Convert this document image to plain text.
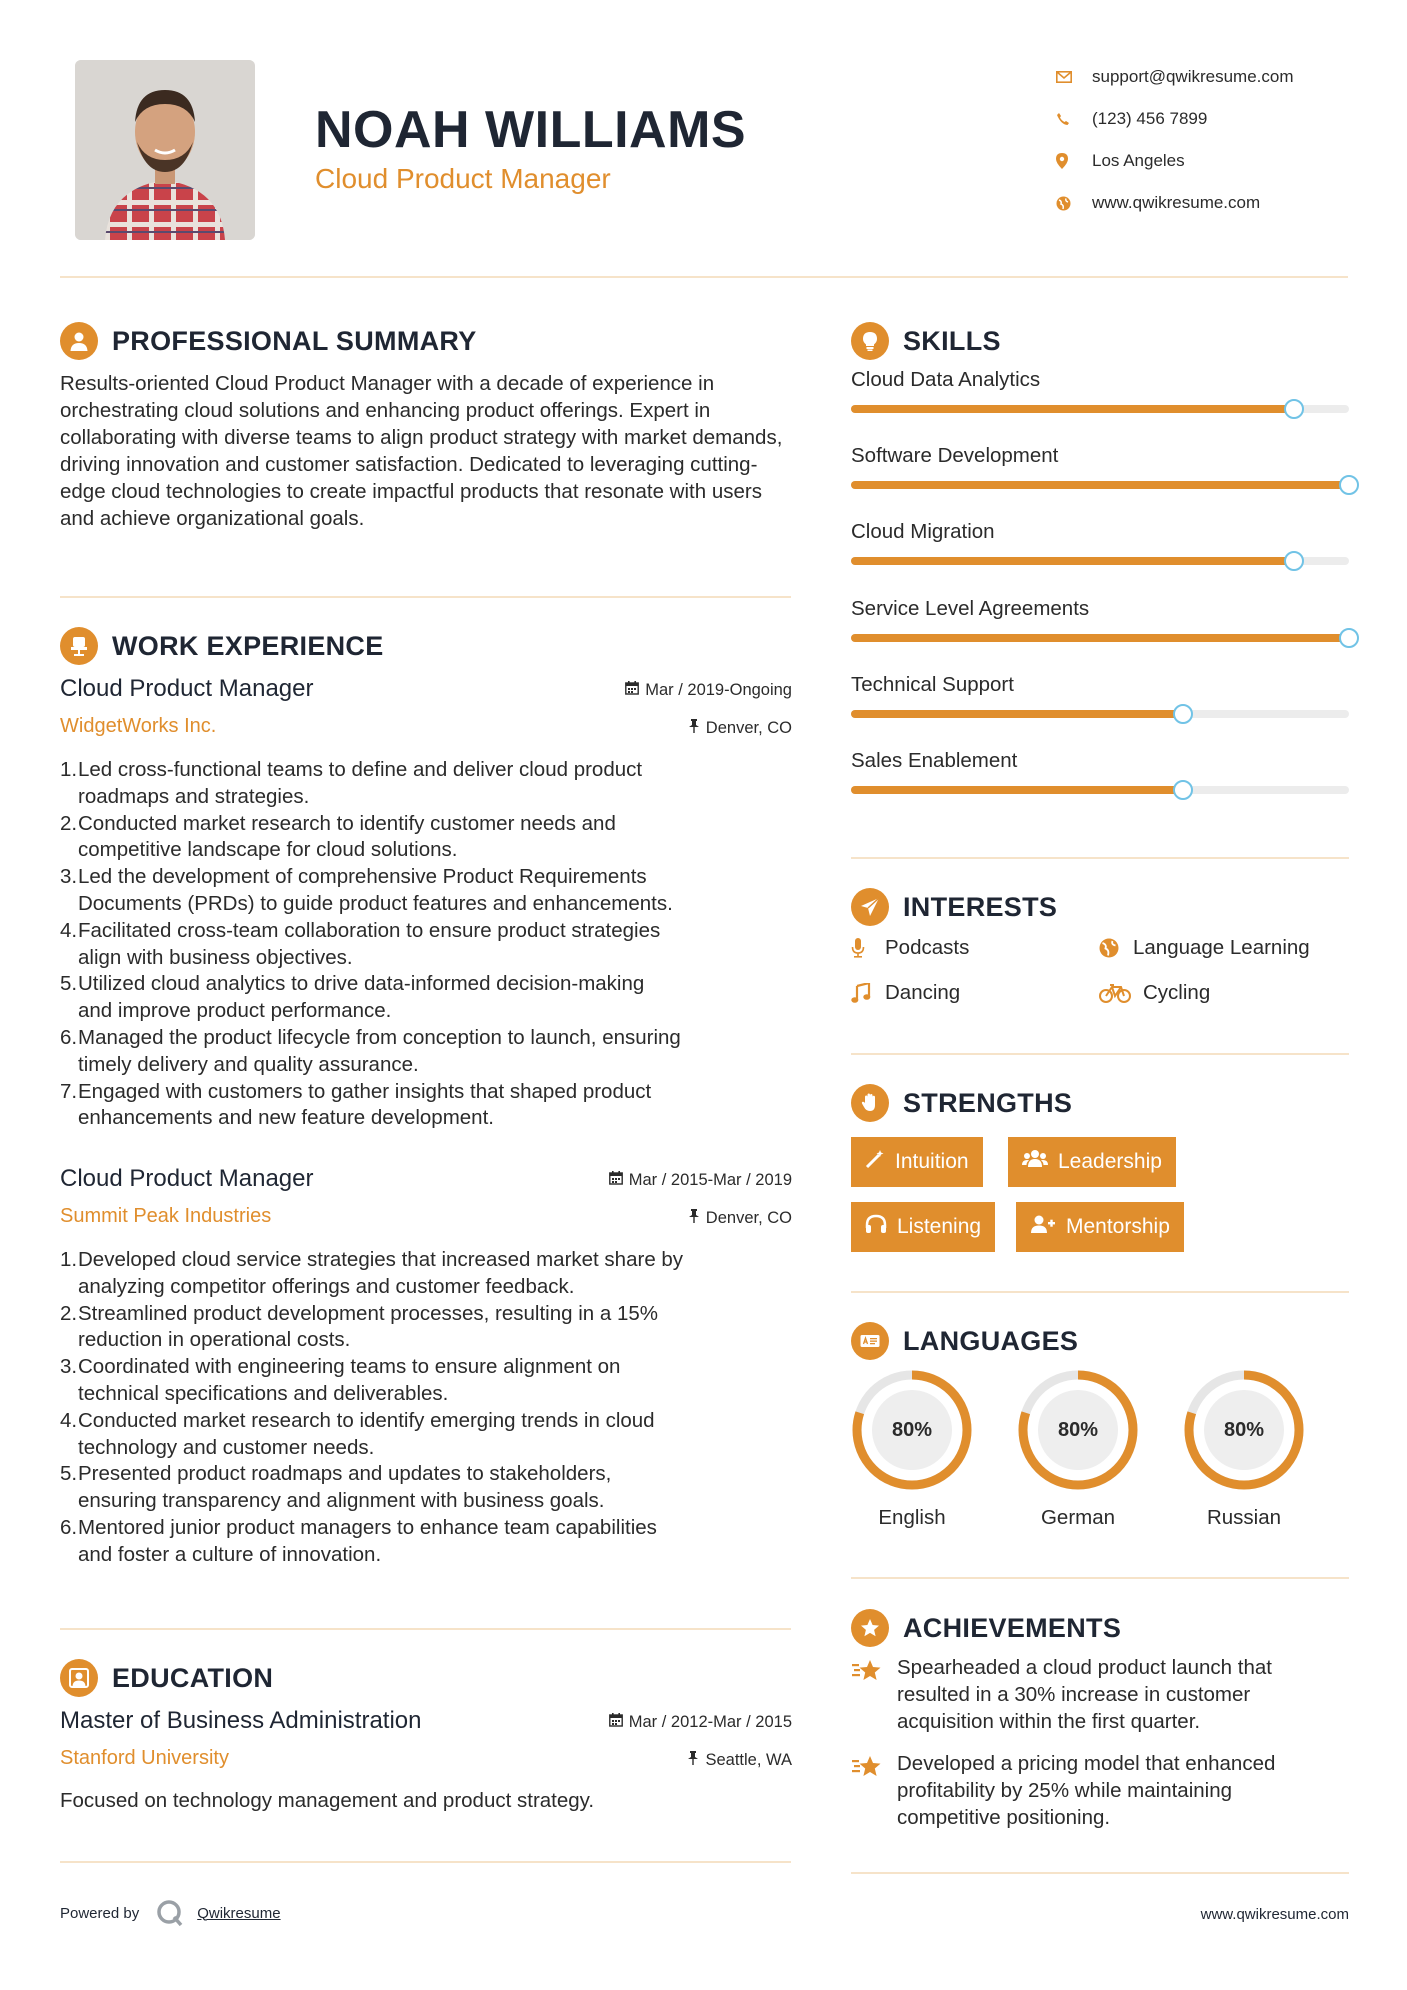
NOAH WILLIAMS
Cloud Product Manager
support@qwikresume.com
(123) 456 7899
Los Angeles
www.qwikresume.com
PROFESSIONAL SUMMARY
Results-oriented Cloud Product Manager with a decade of experience in orchestrating cloud solutions and enhancing product offerings. Expert in collaborating with diverse teams to align product strategy with market demands, driving innovation and customer satisfaction. Dedicated to leveraging cutting-edge cloud technologies to create impactful products that resonate with users and achieve organizational goals.
WORK EXPERIENCE
Cloud Product Manager	Mar / 2019-Ongoing
WidgetWorks Inc.	Denver, CO
1. Led cross-functional teams to define and deliver cloud product
roadmaps and strategies.
2. Conducted market research to identify customer needs and
competitive landscape for cloud solutions.
3. Led the development of comprehensive Product Requirements
Documents (PRDs) to guide product features and enhancements.
4. Facilitated cross-team collaboration to ensure product strategies
align with business objectives.
5. Utilized cloud analytics to drive data-informed decision-making
and improve product performance.
6. Managed the product lifecycle from conception to launch, ensuring
timely delivery and quality assurance.
7. Engaged with customers to gather insights that shaped product
enhancements and new feature development.
Cloud Product Manager	Mar / 2015-Mar / 2019
Summit Peak Industries	Denver, CO
1. Developed cloud service strategies that increased market share by
analyzing competitor offerings and customer feedback.
2. Streamlined product development processes, resulting in a 15%
reduction in operational costs.
3. Coordinated with engineering teams to ensure alignment on
technical specifications and deliverables.
4. Conducted market research to identify emerging trends in cloud
technology and customer needs.
5. Presented product roadmaps and updates to stakeholders,
ensuring transparency and alignment with business goals.
6. Mentored junior product managers to enhance team capabilities
and foster a culture of innovation.
EDUCATION
Master of Business Administration	Mar / 2012-Mar / 2015
Stanford University	Seattle, WA
Focused on technology management and product strategy.
SKILLS
Cloud Data Analytics
Software Development
Cloud Migration
Service Level Agreements
Technical Support
Sales Enablement
INTERESTS
Podcasts	Language Learning
Dancing	Cycling
STRENGTHS
Intuition	Leadership
Listening	Mentorship
LANGUAGES
80%
English
80%
German
80%
Russian
ACHIEVEMENTS
Spearheaded a cloud product launch that
resulted in a 30% increase in customer
acquisition within the first quarter.
Developed a pricing model that enhanced
profitability by 25% while maintaining
competitive positioning.
Powered by	Qwikresume	www.qwikresume.com
